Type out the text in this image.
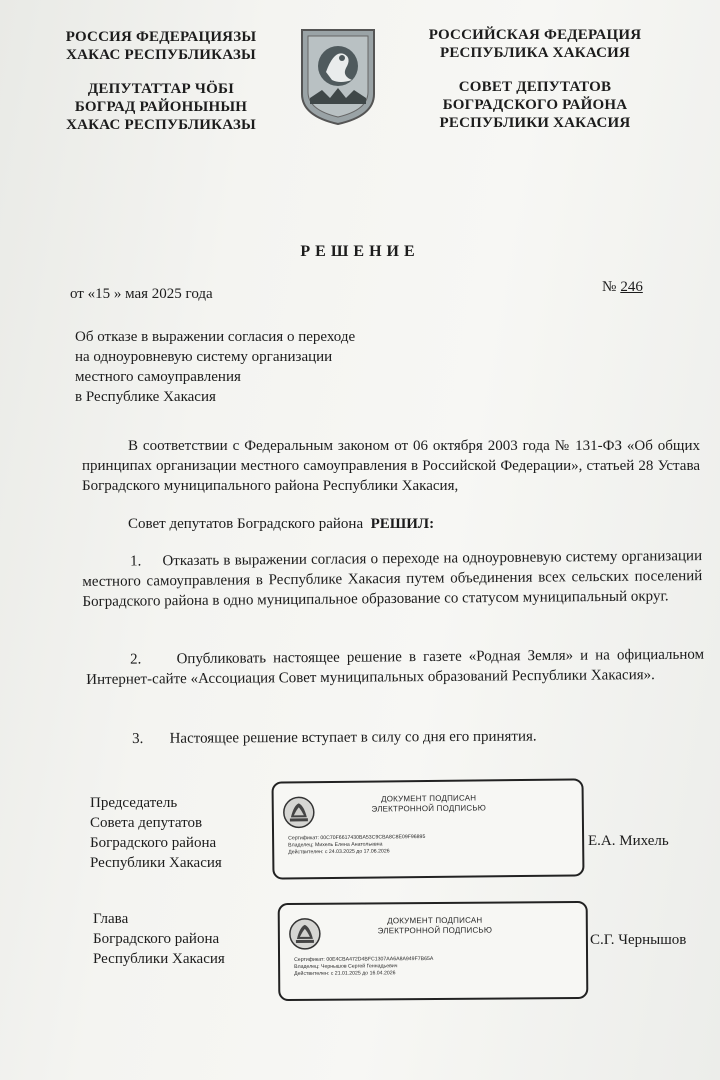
РОССИЯ ФЕДЕРАЦИЯЗЫ
ХАКАС РЕСПУБЛИКАЗЫ
ДЕПУТАТТАР ЧÖБI
БОГРАД РАЙОНЫНЫН
ХАКАС РЕСПУБЛИКАЗЫ
РОССИЙСКАЯ ФЕДЕРАЦИЯ
РЕСПУБЛИКА ХАКАСИЯ
СОВЕТ ДЕПУТАТОВ
БОГРАДСКОГО РАЙОНА
РЕСПУБЛИКИ ХАКАСИЯ
РЕШЕНИЕ
от «15 » мая 2025 года	№ 246
Об отказе в выражении согласия о переходе
на одноуровневую систему организации
местного самоуправления
в Республике Хакасия
В соответствии с Федеральным законом от 06 октября 2003 года № 131-ФЗ «Об общих принципах организации местного самоуправления в Российской Федерации», статьей 28 Устава Боградского муниципального района Республики Хакасия,
Совет депутатов Боградского района РЕШИЛ:
1. Отказать в выражении согласия о переходе на одноуровневую систему организации местного самоуправления в Республике Хакасия путем объединения всех сельских поселений Боградского района в одно муниципальное образование со статусом муниципальный округ.
2. Опубликовать настоящее решение в газете «Родная Земля» и на официальном Интернет-сайте «Ассоциация Совет муниципальных образований Республики Хакасия».
3. Настоящее решение вступает в силу со дня его принятия.
Председатель
Совета депутатов
Боградского района
Республики Хакасия
ДОКУМЕНТ ПОДПИСАН
ЭЛЕКТРОННОЙ ПОДПИСЬЮ
Сертификат: 00C70F6617430BA53C9CBA8C8E09F96895
Владелец: Михель Елена Анатольевна
Действителен: с 24.03.2025 до 17.06.2026
Е.А. Михель
Глава
Боградского района
Республики Хакасия
ДОКУМЕНТ ПОДПИСАН
ЭЛЕКТРОННОЙ ПОДПИСЬЮ
Сертификат: 00E4CBA472D4BFC1307AA6A8A949F7B65A
Владелец: Чернышов Сергей Геннадьевич
Действителен: с 21.01.2025 до 16.04.2026
С.Г. Чернышов
